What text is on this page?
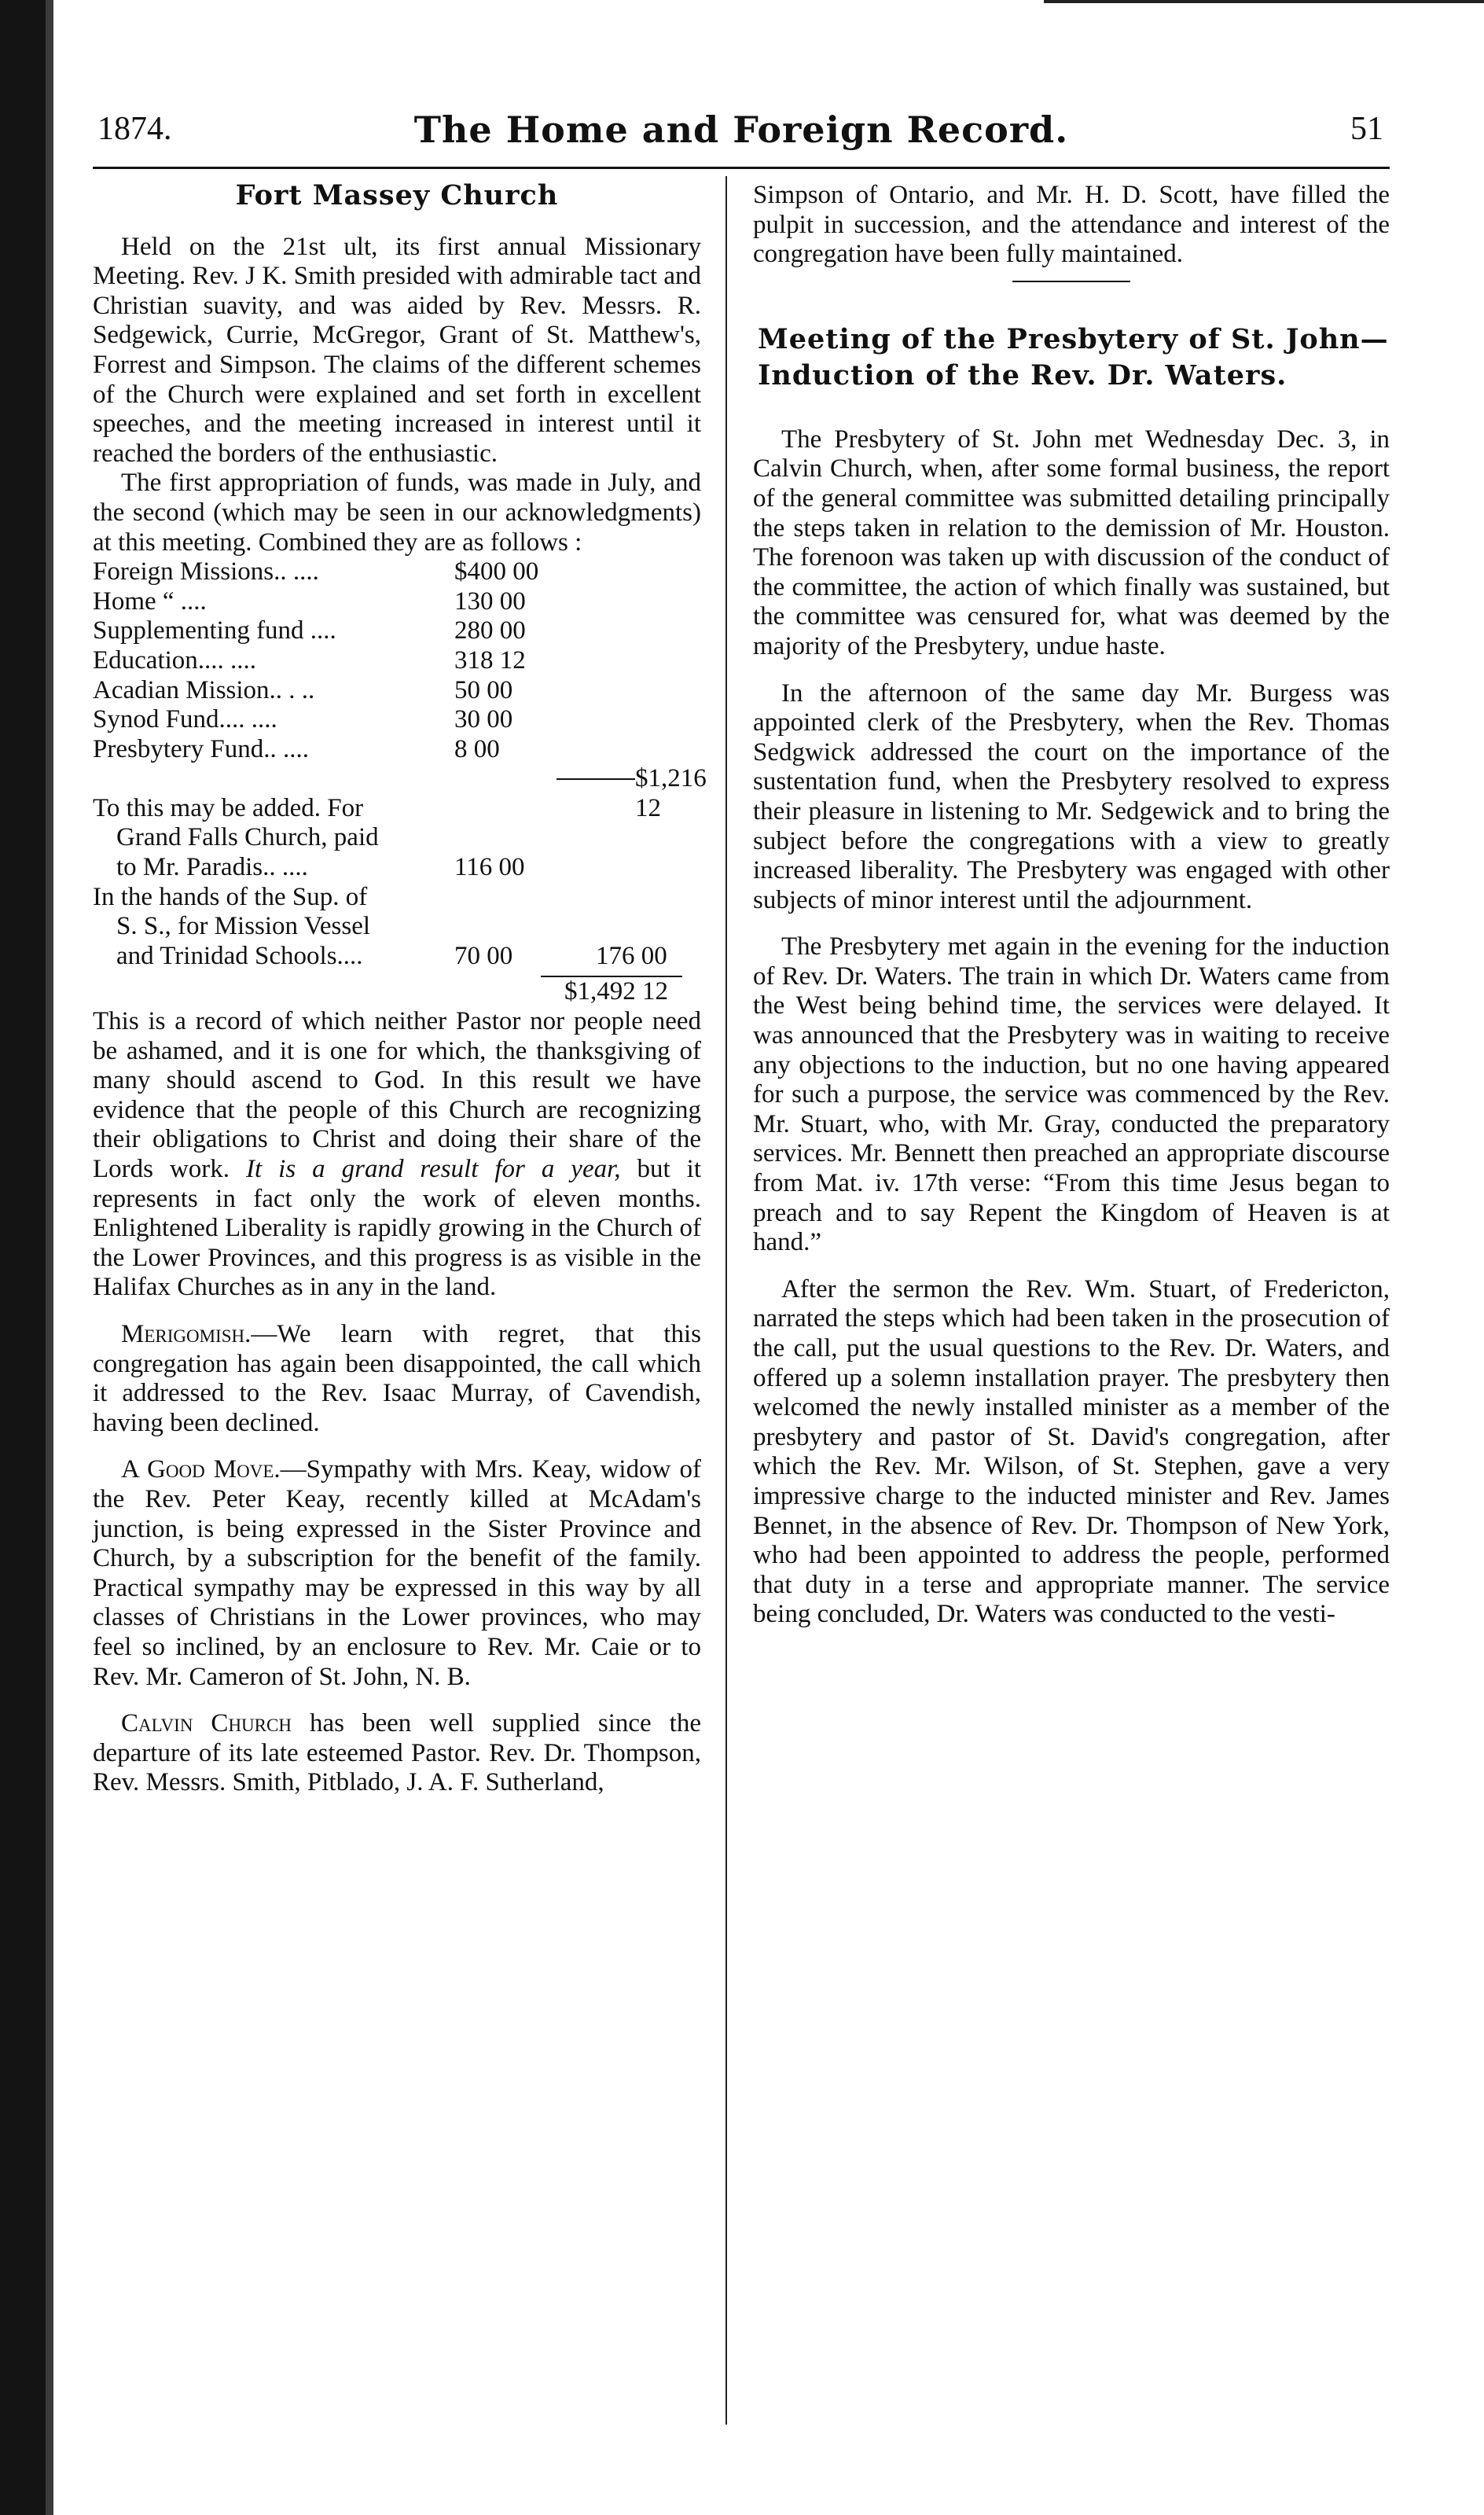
1874.	The Home and Foreign Record.	51
Fort Massey Church

Held on the 21st ult, its first annual Missionary Meeting. Rev. J K. Smith presided with admirable tact and Christian suavity, and was aided by Rev. Messrs. R. Sedgewick, Currie, McGregor, Grant of St. Matthew's, Forrest and Simpson. The claims of the different schemes of the Church were explained and set forth in excellent speeches, and the meeting increased in interest until it reached the borders of the enthusiastic.

The first appropriation of funds, was made in July, and the second (which may be seen in our acknowledgments) at this meeting. Combined they are as follows :

Foreign Missions.. ....	$400 00
Home “ ....	130 00
Supplementing fund ....	280 00
Education.... ....	318 12
Acadian Mission.. . ..	50 00
Synod Fund.... ....	30 00
Presbytery Fund.. ....	8 00
$1,216 12
To this may be added. For
Grand Falls Church, paid
to Mr. Paradis.. ....	116 00
In the hands of the Sup. of
S. S., for Mission Vessel
and Trinidad Schools....	70 00	176 00
$1,492 12

This is a record of which neither Pastor nor people need be ashamed, and it is one for which, the thanksgiving of many should ascend to God. In this result we have evidence that the people of this Church are recognizing their obligations to Christ and doing their share of the Lords work. It is a grand result for a year, but it represents in fact only the work of eleven months. Enlightened Liberality is rapidly growing in the Church of the Lower Provinces, and this progress is as visible in the Halifax Churches as in any in the land.

Merigomish.—We learn with regret, that this congregation has again been disappointed, the call which it addressed to the Rev. Isaac Murray, of Cavendish, having been declined.

A Good Move.—Sympathy with Mrs. Keay, widow of the Rev. Peter Keay, recently killed at McAdam's junction, is being expressed in the Sister Province and Church, by a subscription for the benefit of the family. Practical sympathy may be expressed in this way by all classes of Christians in the Lower provinces, who may feel so inclined, by an enclosure to Rev. Mr. Caie or to Rev. Mr. Cameron of St. John, N. B.

Calvin Church has been well supplied since the departure of its late esteemed Pastor. Rev. Dr. Thompson, Rev. Messrs. Smith, Pitblado, J. A. F. Sutherland,

Simpson of Ontario, and Mr. H. D. Scott, have filled the pulpit in succession, and the attendance and interest of the congregation have been fully maintained.

Meeting of the Presbytery of St. John—Induction of the Rev. Dr. Waters.

The Presbytery of St. John met Wednesday Dec. 3, in Calvin Church, when, after some formal business, the report of the general committee was submitted detailing principally the steps taken in relation to the demission of Mr. Houston. The forenoon was taken up with discussion of the conduct of the committee, the action of which finally was sustained, but the committee was censured for, what was deemed by the majority of the Presbytery, undue haste.

In the afternoon of the same day Mr. Burgess was appointed clerk of the Presbytery, when the Rev. Thomas Sedgwick addressed the court on the importance of the sustentation fund, when the Presbytery resolved to express their pleasure in listening to Mr. Sedgewick and to bring the subject before the congregations with a view to greatly increased liberality. The Presbytery was engaged with other subjects of minor interest until the adjournment.

The Presbytery met again in the evening for the induction of Rev. Dr. Waters. The train in which Dr. Waters came from the West being behind time, the services were delayed. It was announced that the Presbytery was in waiting to receive any objections to the induction, but no one having appeared for such a purpose, the service was commenced by the Rev. Mr. Stuart, who, with Mr. Gray, conducted the preparatory services. Mr. Bennett then preached an appropriate discourse from Mat. iv. 17th verse: “From this time Jesus began to preach and to say Repent the Kingdom of Heaven is at hand.”

After the sermon the Rev. Wm. Stuart, of Fredericton, narrated the steps which had been taken in the prosecution of the call, put the usual questions to the Rev. Dr. Waters, and offered up a solemn installation prayer. The presbytery then welcomed the newly installed minister as a member of the presbytery and pastor of St. David's congregation, after which the Rev. Mr. Wilson, of St. Stephen, gave a very impressive charge to the inducted minister and Rev. James Bennet, in the absence of Rev. Dr. Thompson of New York, who had been appointed to address the people, performed that duty in a terse and appropriate manner. The service being concluded, Dr. Waters was conducted to the vesti-
